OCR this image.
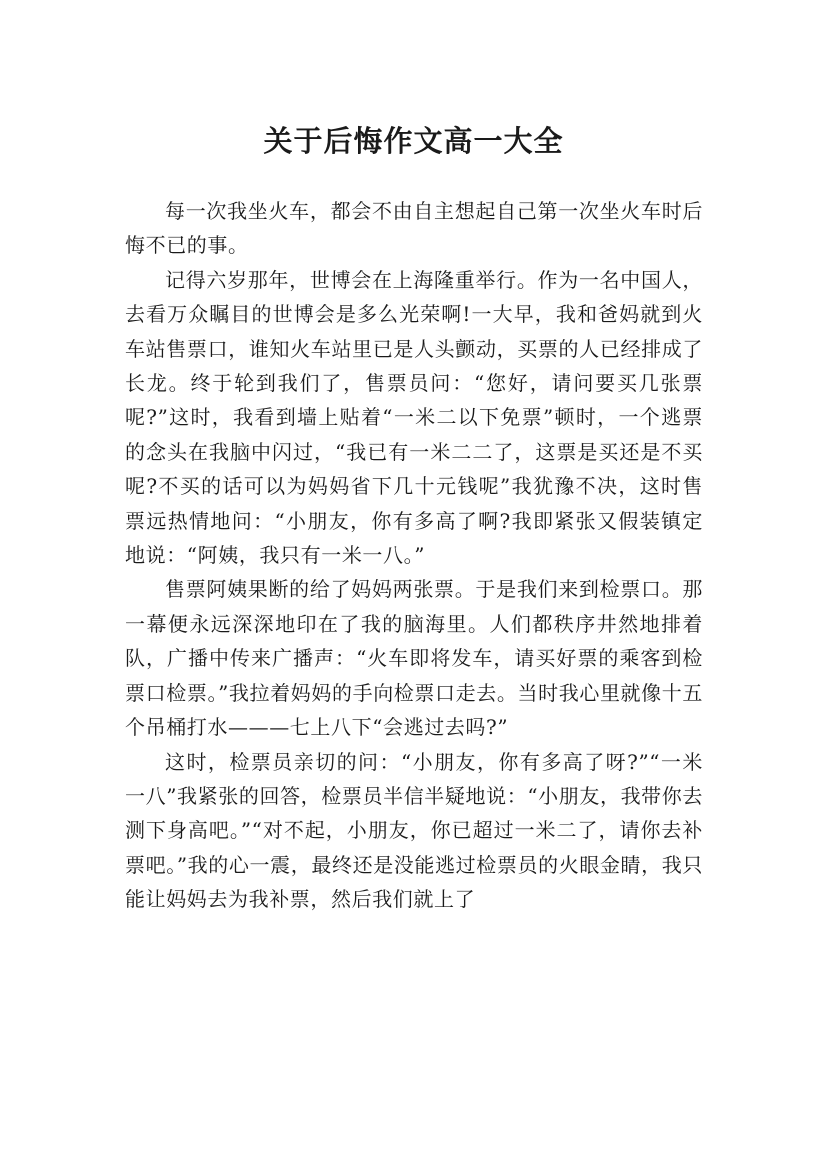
关于后悔作文高一大全

每一次我坐火车，都会不由自主想起自己第一次坐火车时后悔不已的事。

记得六岁那年，世博会在上海隆重举行。作为一名中国人，去看万众瞩目的世博会是多么光荣啊!一大早，我和爸妈就到火车站售票口，谁知火车站里已是人头颤动，买票的人已经排成了长龙。终于轮到我们了，售票员问：“您好，请问要买几张票呢?”这时，我看到墙上贴着“一米二以下免票”顿时，一个逃票的念头在我脑中闪过，“我已有一米二二了，这票是买还是不买呢?不买的话可以为妈妈省下几十元钱呢”我犹豫不决，这时售票远热情地问：“小朋友，你有多高了啊?我即紧张又假装镇定地说：“阿姨，我只有一米一八。”

售票阿姨果断的给了妈妈两张票。于是我们来到检票口。那一幕便永远深深地印在了我的脑海里。人们都秩序井然地排着队，广播中传来广播声：“火车即将发车，请买好票的乘客到检票口检票。”我拉着妈妈的手向检票口走去。当时我心里就像十五个吊桶打水———七上八下“会逃过去吗?”

这时，检票员亲切的问：“小朋友，你有多高了呀?”“一米一八”我紧张的回答，检票员半信半疑地说：“小朋友，我带你去测下身高吧。”“对不起，小朋友，你已超过一米二了，请你去补票吧。”我的心一震，最终还是没能逃过检票员的火眼金睛，我只能让妈妈去为我补票，然后我们就上了
